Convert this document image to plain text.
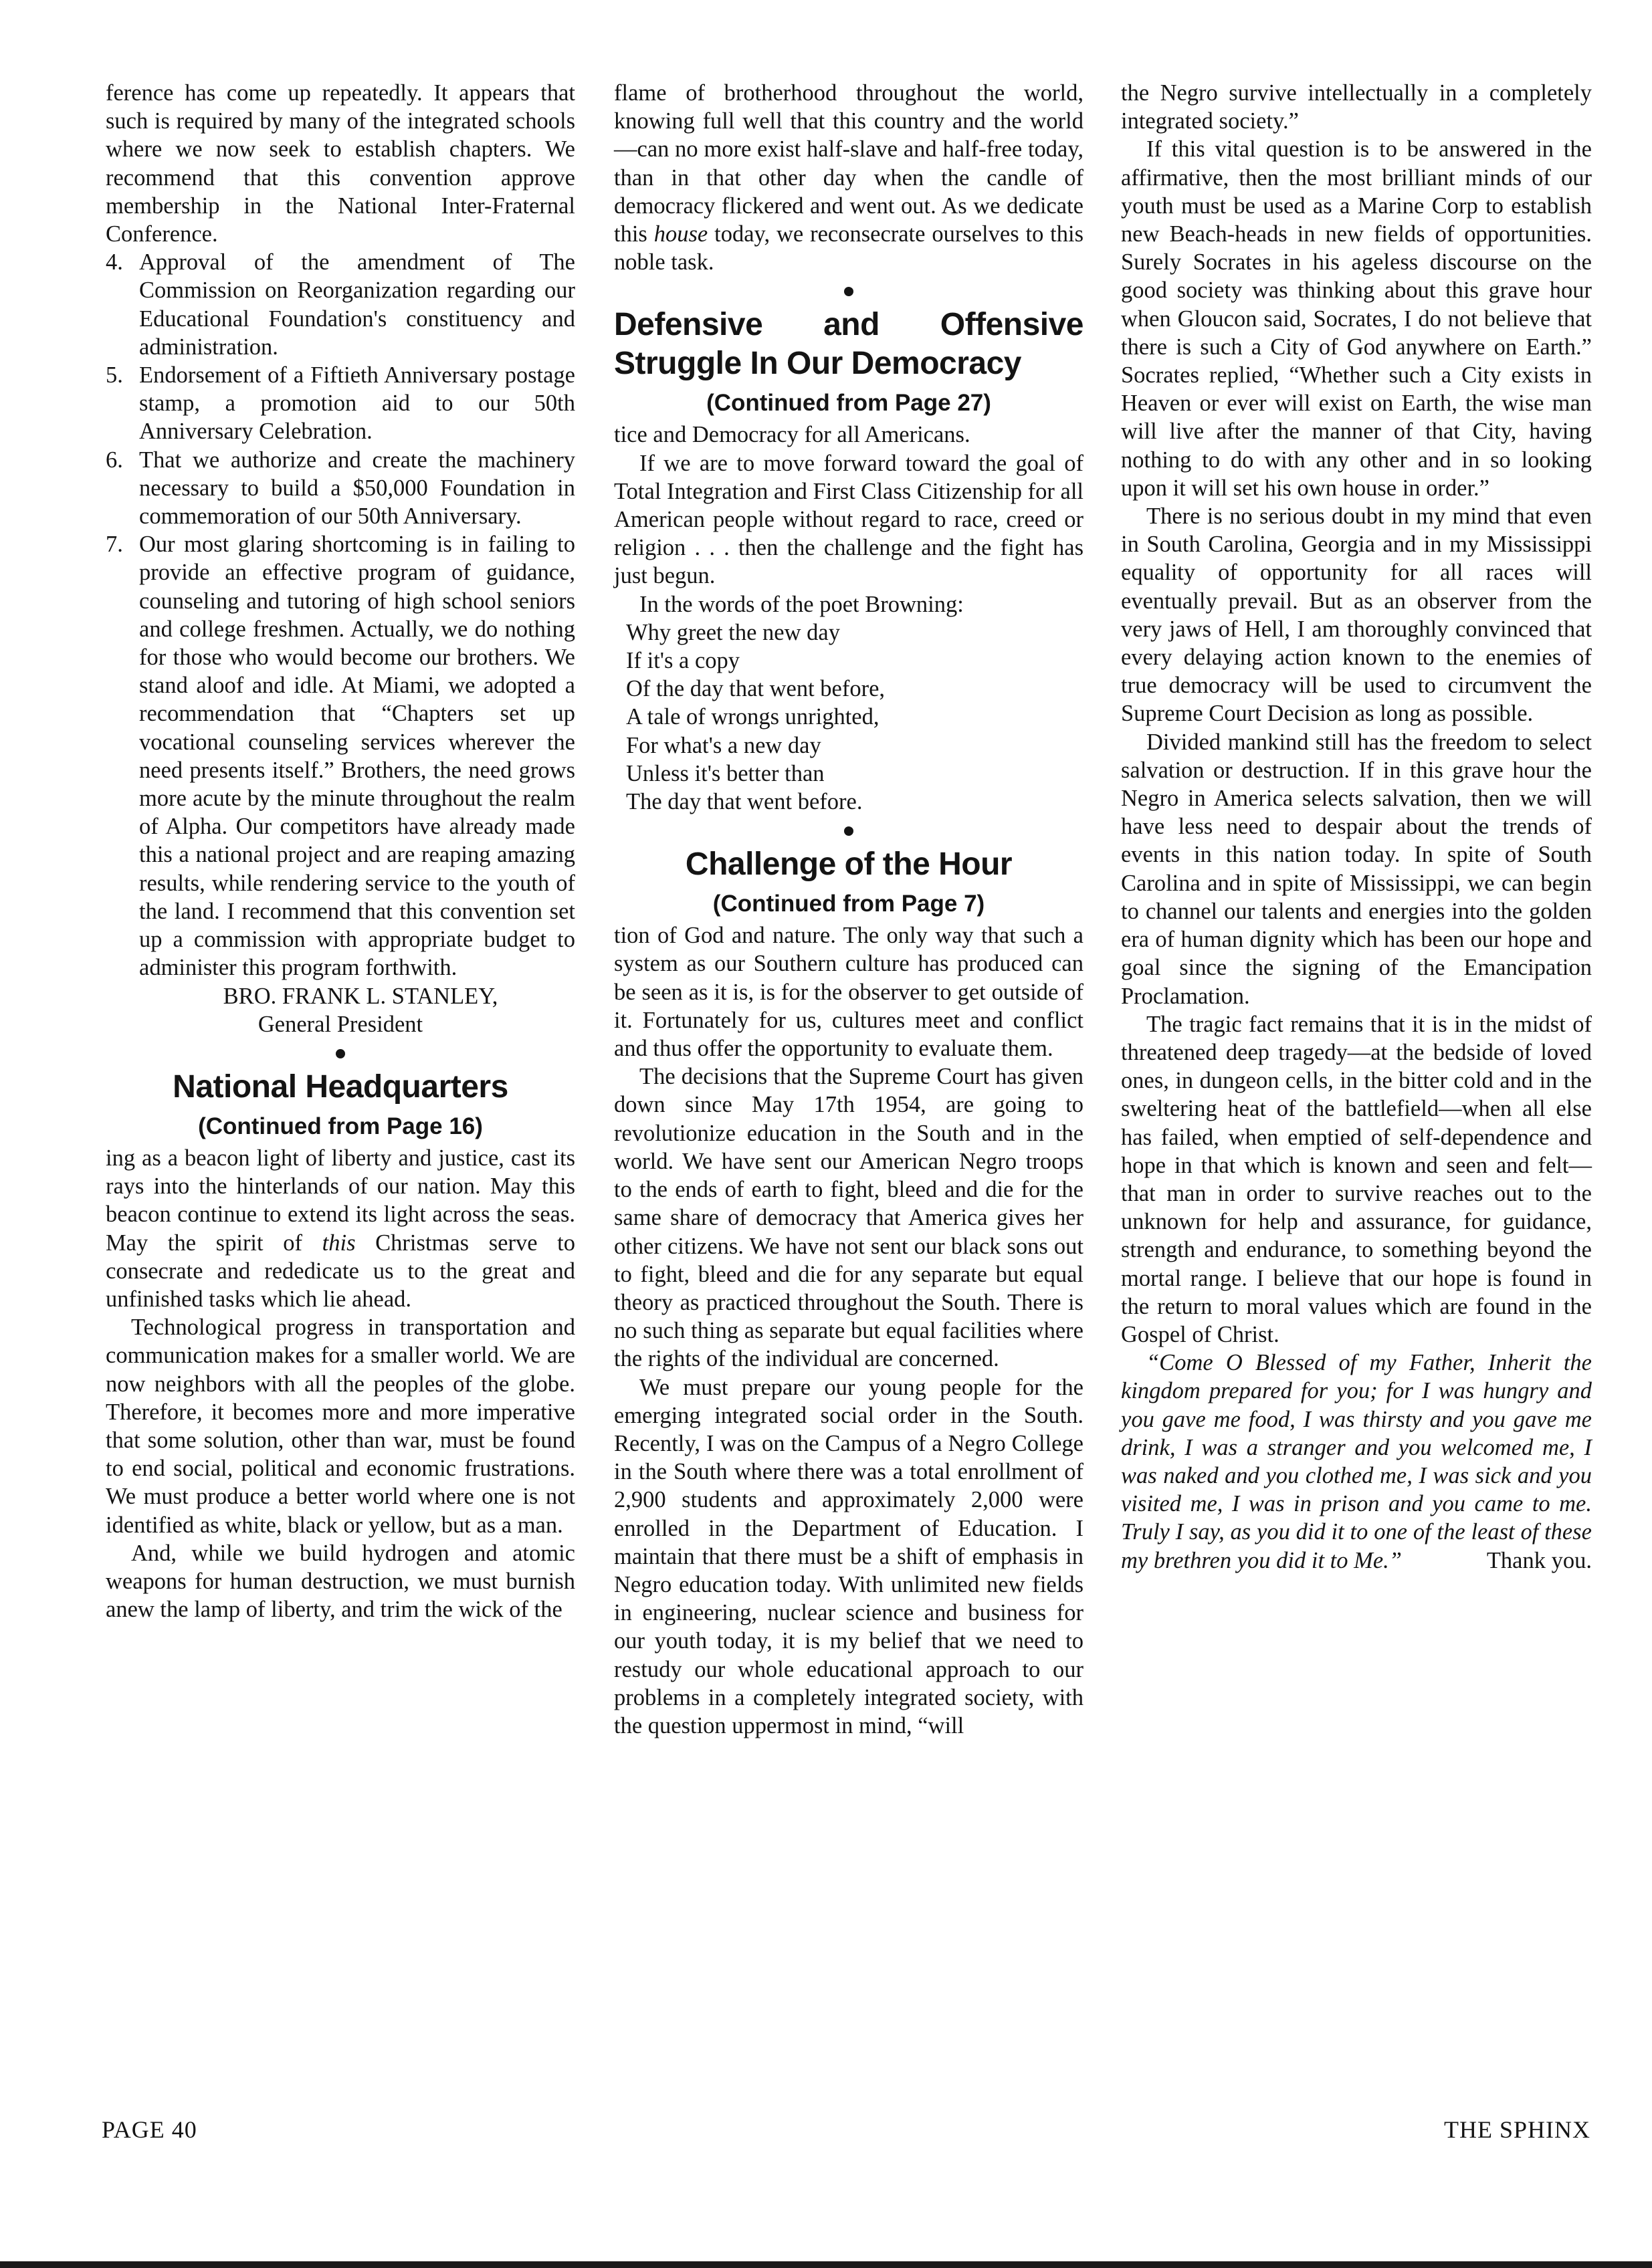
ference has come up repeatedly. It appears that such is required by many of the integrated schools where we now seek to establish chapters. We recommend that this convention approve membership in the National Inter-Fraternal Conference.

4. Approval of the amendment of The Commission on Reorganization regarding our Educational Foundation's constituency and administration.
5. Endorsement of a Fiftieth Anniversary postage stamp, a promotion aid to our 50th Anniversary Celebration.
6. That we authorize and create the machinery necessary to build a $50,000 Foundation in commemoration of our 50th Anniversary.
7. Our most glaring shortcoming is in failing to provide an effective program of guidance, counseling and tutoring of high school seniors and college freshmen. Actually, we do nothing for those who would become our brothers. We stand aloof and idle. At Miami, we adopted a recommendation that “Chapters set up vocational counseling services wherever the need presents itself.” Brothers, the need grows more acute by the minute throughout the realm of Alpha. Our competitors have already made this a national project and are reaping amazing results, while rendering service to the youth of the land. I recommend that this convention set up a commission with appropriate budget to administer this program forthwith.
BRO. FRANK L. STANLEY,
General President
National Headquarters
(Continued from Page 16)

ing as a beacon light of liberty and justice, cast its rays into the hinterlands of our nation. May this beacon continue to extend its light across the seas. May the spirit of this Christmas serve to consecrate and rededicate us to the great and unfinished tasks which lie ahead.

Technological progress in transportation and communication makes for a smaller world. We are now neighbors with all the peoples of the globe. Therefore, it becomes more and more imperative that some solution, other than war, must be found to end social, political and economic frustrations. We must produce a better world where one is not identified as white, black or yellow, but as a man.

And, while we build hydrogen and atomic weapons for human destruction, we must burnish anew the lamp of liberty, and trim the wick of the

flame of brotherhood throughout the world, knowing full well that this country and the world—can no more exist half-slave and half-free today, than in that other day when the candle of democracy flickered and went out. As we dedicate this house today, we reconsecrate ourselves to this noble task.

Defensive and Offensive Struggle In Our Democracy
(Continued from Page 27)

tice and Democracy for all Americans.

If we are to move forward toward the goal of Total Integration and First Class Citizenship for all American people without regard to race, creed or religion . . . then the challenge and the fight has just begun.

In the words of the poet Browning:

Why greet the new day
If it's a copy
Of the day that went before,
A tale of wrongs unrighted,
For what's a new day
Unless it's better than
The day that went before.
Challenge of the Hour
(Continued from Page 7)

tion of God and nature. The only way that such a system as our Southern culture has produced can be seen as it is, is for the observer to get outside of it. Fortunately for us, cultures meet and conflict and thus offer the opportunity to evaluate them.

The decisions that the Supreme Court has given down since May 17th 1954, are going to revolutionize education in the South and in the world. We have sent our American Negro troops to the ends of earth to fight, bleed and die for the same share of democracy that America gives her other citizens. We have not sent our black sons out to fight, bleed and die for any separate but equal theory as practiced throughout the South. There is no such thing as separate but equal facilities where the rights of the individual are concerned.

We must prepare our young people for the emerging integrated social order in the South. Recently, I was on the Campus of a Negro College in the South where there was a total enrollment of 2,900 students and approximately 2,000 were enrolled in the Department of Education. I maintain that there must be a shift of emphasis in Negro education today. With unlimited new fields in engineering, nuclear science and business for our youth today, it is my belief that we need to restudy our whole educational approach to our problems in a completely integrated society, with the question uppermost in mind, “will

the Negro survive intellectually in a completely integrated society.”

If this vital question is to be answered in the affirmative, then the most brilliant minds of our youth must be used as a Marine Corp to establish new Beach-heads in new fields of opportunities. Surely Socrates in his ageless discourse on the good society was thinking about this grave hour when Gloucon said, Socrates, I do not believe that there is such a City of God anywhere on Earth.” Socrates replied, “Whether such a City exists in Heaven or ever will exist on Earth, the wise man will live after the manner of that City, having nothing to do with any other and in so looking upon it will set his own house in order.”

There is no serious doubt in my mind that even in South Carolina, Georgia and in my Mississippi equality of opportunity for all races will eventually prevail. But as an observer from the very jaws of Hell, I am thoroughly convinced that every delaying action known to the enemies of true democracy will be used to circumvent the Supreme Court Decision as long as possible.

Divided mankind still has the freedom to select salvation or destruction. If in this grave hour the Negro in America selects salvation, then we will have less need to despair about the trends of events in this nation today. In spite of South Carolina and in spite of Mississippi, we can begin to channel our talents and energies into the golden era of human dignity which has been our hope and goal since the signing of the Emancipation Proclamation.

The tragic fact remains that it is in the midst of threatened deep tragedy—at the bedside of loved ones, in dungeon cells, in the bitter cold and in the sweltering heat of the battlefield—when all else has failed, when emptied of self-dependence and hope in that which is known and seen and felt—that man in order to survive reaches out to the unknown for help and assurance, for guidance, strength and endurance, to something beyond the mortal range. I believe that our hope is found in the return to moral values which are found in the Gospel of Christ.

“Come O Blessed of my Father, Inherit the kingdom prepared for you; for I was hungry and you gave me food, I was thirsty and you gave me drink, I was a stranger and you welcomed me, I was naked and you clothed me, I was sick and you visited me, I was in prison and you came to me. Truly I say, as you did it to one of the least of these my brethren you did it to Me.”	Thank you.

PAGE 40	THE SPHINX
